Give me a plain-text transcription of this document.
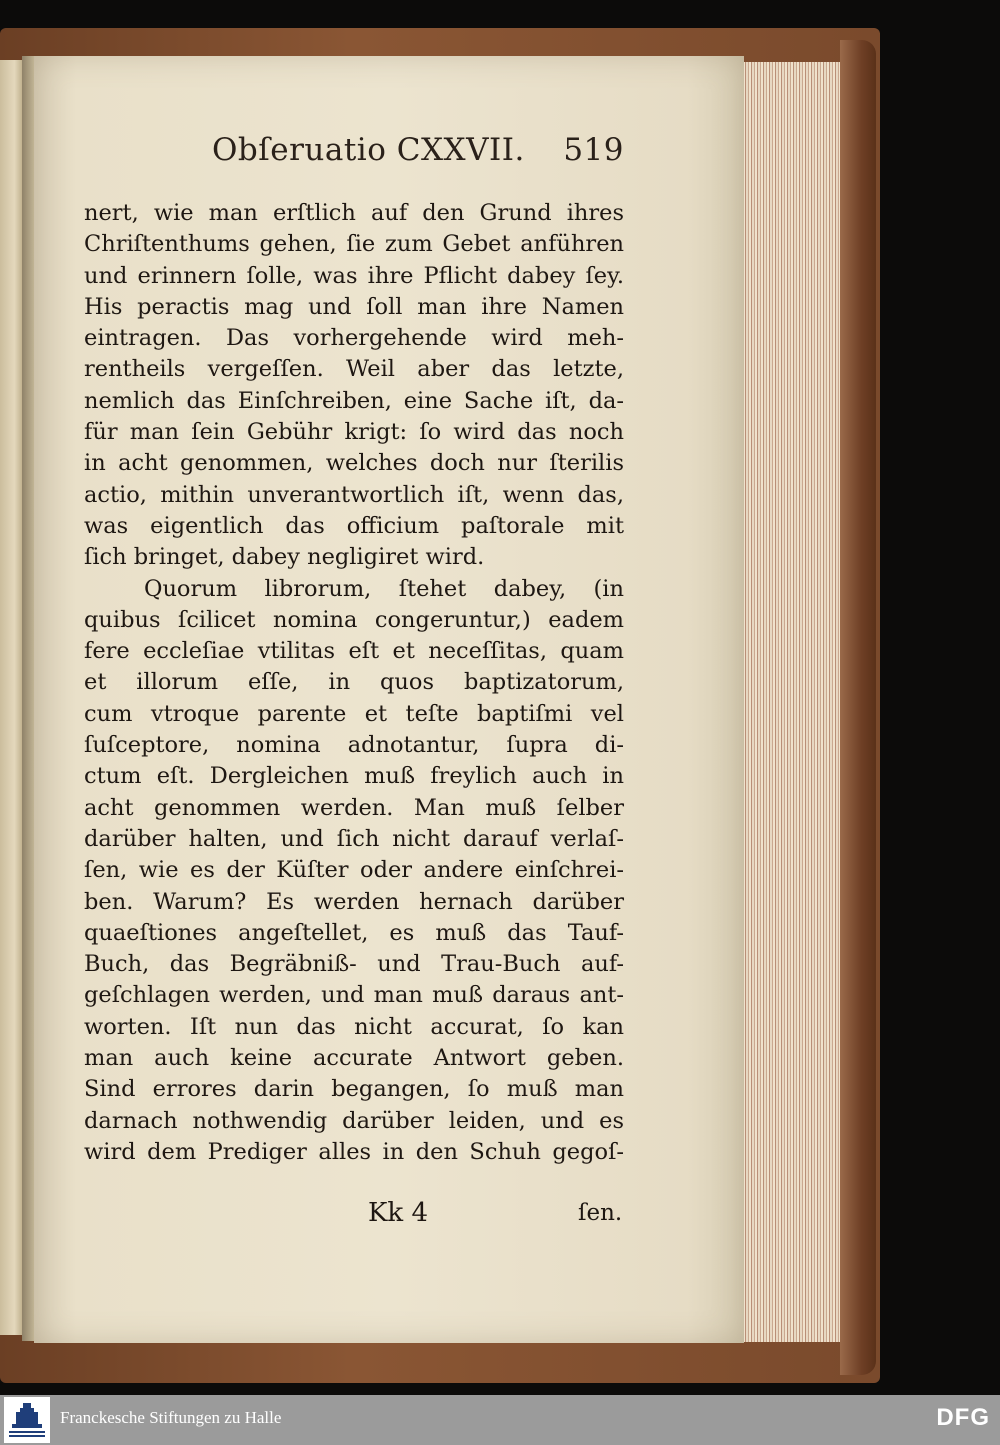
Obſeruatio CXXVII. 519
nert, wie man erſtlich auf den Grund ihres
Chriſtenthums gehen, ſie zum Gebet anführen
und erinnern ſolle, was ihre Pflicht dabey ſey.
His peractis mag und ſoll man ihre Namen
eintragen. Das vorhergehende wird meh-
rentheils vergeſſen. Weil aber das letzte,
nemlich das Einſchreiben, eine Sache iſt, da-
für man ſein Gebühr krigt: ſo wird das noch
in acht genommen, welches doch nur ſterilis
actio, mithin unverantwortlich iſt, wenn das,
was eigentlich das officium paſtorale mit
ſich bringet, dabey negligiret wird.
Quorum librorum, ſtehet dabey, (in
quibus ſcilicet nomina congeruntur,) eadem
fere eccleſiae vtilitas eſt et neceſſitas, quam
et illorum eſſe, in quos baptizatorum,
cum vtroque parente et teſte baptiſmi vel
ſuſceptore, nomina adnotantur, ſupra di-
ctum eſt. Dergleichen muß freylich auch in
acht genommen werden. Man muß ſelber
darüber halten, und ſich nicht darauf verlaſ-
ſen, wie es der Küſter oder andere einſchrei-
ben. Warum? Es werden hernach darüber
quaeſtiones angeſtellet, es muß das Tauf-
Buch, das Begräbniß- und Trau-Buch auf-
geſchlagen werden, und man muß daraus ant-
worten. Iſt nun das nicht accurat, ſo kan
man auch keine accurate Antwort geben.
Sind errores darin begangen, ſo muß man
darnach nothwendig darüber leiden, und es
wird dem Prediger alles in den Schuh gegoſ-
Kk 4	ſen.
Franckesche Stiftungen zu Halle	DFG
